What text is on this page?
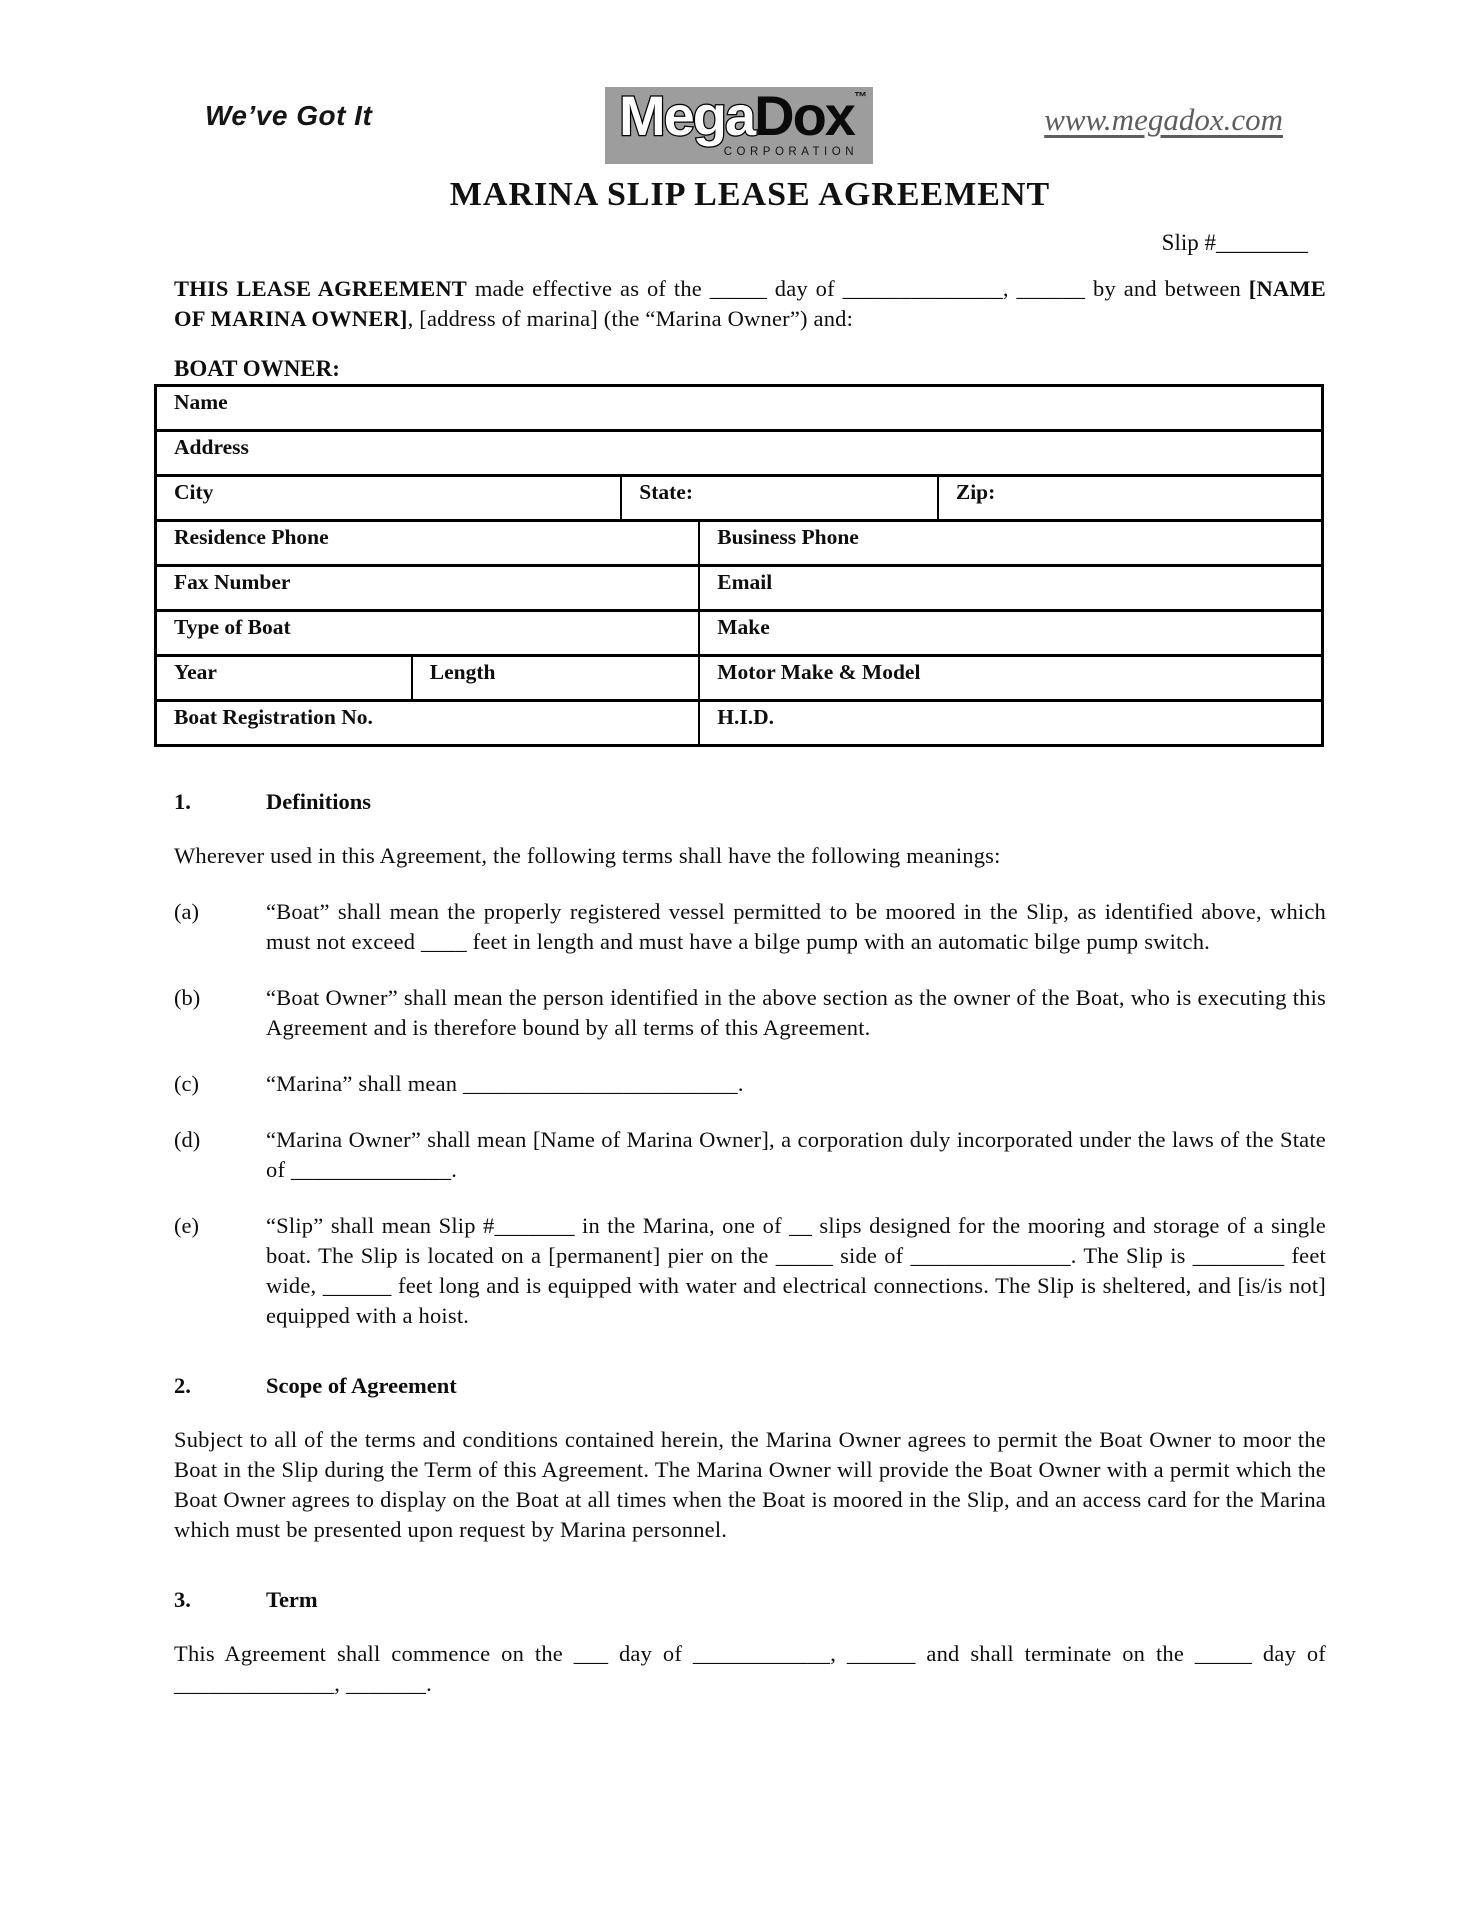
We’ve Got It	MegaDox™
CORPORATION
www.megadox.com
MARINA SLIP LEASE AGREEMENT
Slip #________

THIS LEASE AGREEMENT made effective as of the _____ day of ______________, ______ by and between [NAME OF MARINA OWNER], [address of marina] (the “Marina Owner”) and:

BOAT OWNER:
Name
Address
City	State:	Zip:
Residence Phone	Business Phone
Fax Number	Email
Type of Boat	Make
Year	Length	Motor Make & Model
Boat Registration No.	H.I.D.
1.	Definitions

Wherever used in this Agreement, the following terms shall have the following meanings:

(a)	“Boat” shall mean the properly registered vessel permitted to be moored in the Slip, as identified above, which must not exceed ____ feet in length and must have a bilge pump with an automatic bilge pump switch.
(b)	“Boat Owner” shall mean the person identified in the above section as the owner of the Boat, who is executing this Agreement and is therefore bound by all terms of this Agreement.
(c)	“Marina” shall mean ________________________.
(d)	“Marina Owner” shall mean [Name of Marina Owner], a corporation duly incorporated under the laws of the State of ______________.
(e)	“Slip” shall mean Slip #_______ in the Marina, one of __ slips designed for the mooring and storage of a single boat. The Slip is located on a [permanent] pier on the _____ side of ______________. The Slip is ________ feet wide, ______ feet long and is equipped with water and electrical connections. The Slip is sheltered, and [is/is not] equipped with a hoist.
2.	Scope of Agreement

Subject to all of the terms and conditions contained herein, the Marina Owner agrees to permit the Boat Owner to moor the Boat in the Slip during the Term of this Agreement. The Marina Owner will provide the Boat Owner with a permit which the Boat Owner agrees to display on the Boat at all times when the Boat is moored in the Slip, and an access card for the Marina which must be presented upon request by Marina personnel.

3.	Term

This Agreement shall commence on the ___ day of ____________, ______ and shall terminate on the _____ day of ______________, _______.
